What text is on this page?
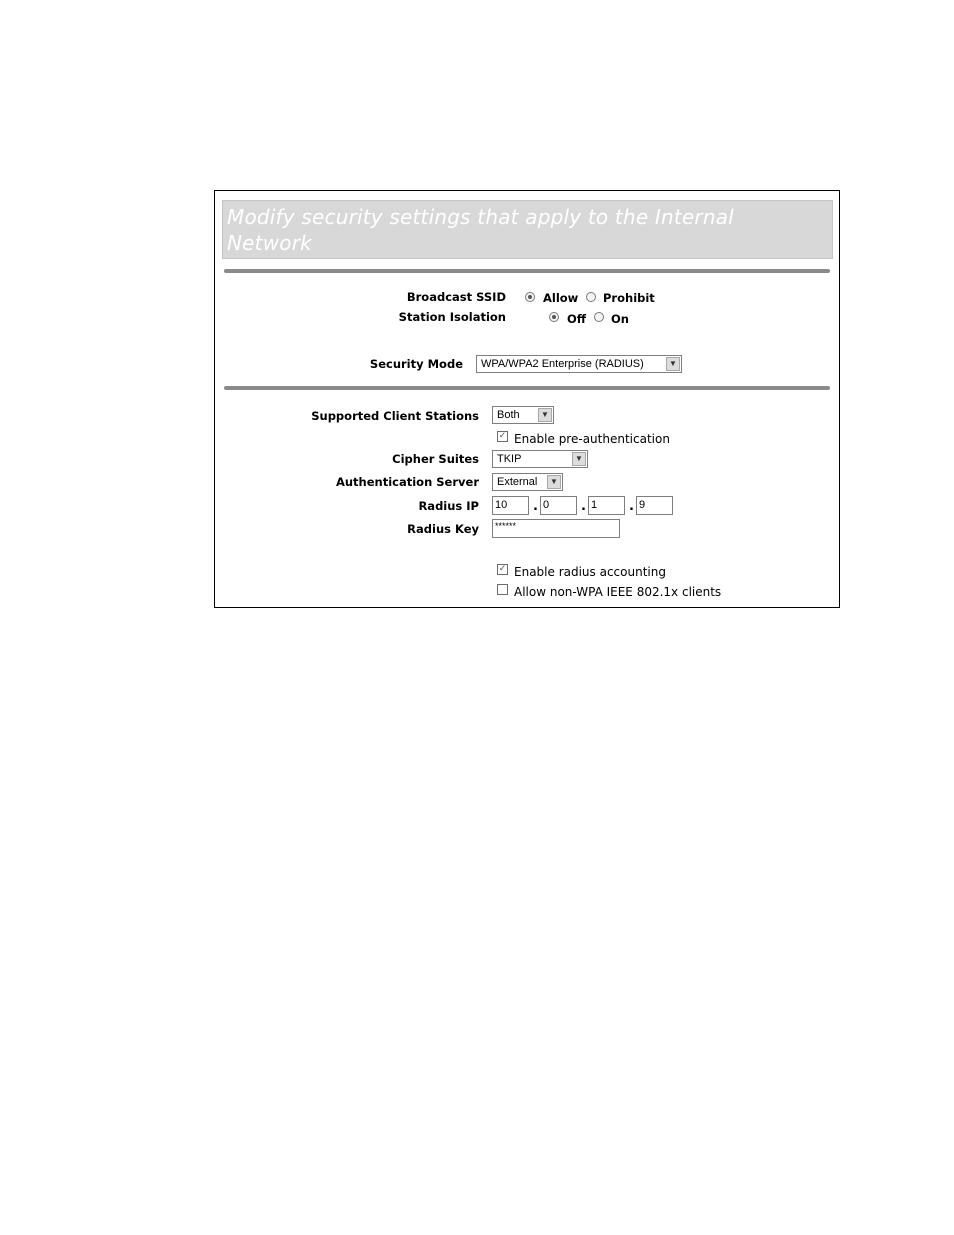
Modify security settings that apply to the Internal Network
Broadcast SSID	Allow Prohibit
Station Isolation	Off On
Security Mode	WPA/WPA2 Enterprise (RADIUS)	▼
Supported Client Stations	Both	▼
✓ Enable pre-authentication
Cipher Suites	TKIP	▼
Authentication Server	External	▼
Radius IP 10	. 0	. 1	. 9
Radius Key	******
✓ Enable radius accounting
Allow non-WPA IEEE 802.1x clients
